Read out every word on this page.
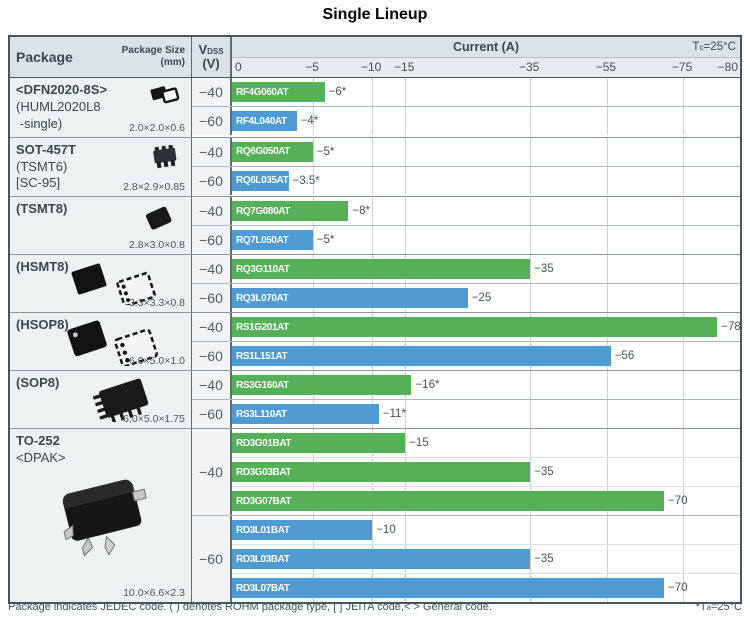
Single Lineup
Package	Package Size
(mm)
VDSS
(V)
Current (A)	Tc=25°C
0	−5	−10 −15	−35	−55	−75 −80
<DFN2020-8S>
(HUML2020L8
-single)	2.0×2.0×0.6
−40	RF4G060AT	−6*
−60	RF4L040AT −4*
SOT-457T
(TSMT6)
[SC-95]	2.8×2.9×0.85
−40	RQ6G050AT −5*
−60	RQ6L035AT −3.5*
(TSMT8)
2.8×3.0×0.8
−40	RQ7G080AT	−8*
−60	RQ7L050AT −5*
(HSMT8)
3.3×3.3×0.8
−40	RQ3G110AT	−35
−60	RQ3L070AT	−25
(HSOP8)
6.0×5.0×1.0
−40	RS1G201AT	−78
−60	RS1L151AT	−56
(SOP8)
6.0×5.0×1.75
−40	RS3G160AT	−16*
−60	RS3L110AT	−11*
TO-252
<DPAK>
10.0×6.6×2.3
−40
RD3G01BAT	−15
RD3G03BAT	−35
RD3G07BAT	−70
−60
RD3L01BAT	−10
RD3L03BAT	−35
RD3L07BAT	−70
Package indicates JEDEC code. ( ) denotes ROHM package type, [ ] JEITA code,< > General code.	*Ta=25°C
